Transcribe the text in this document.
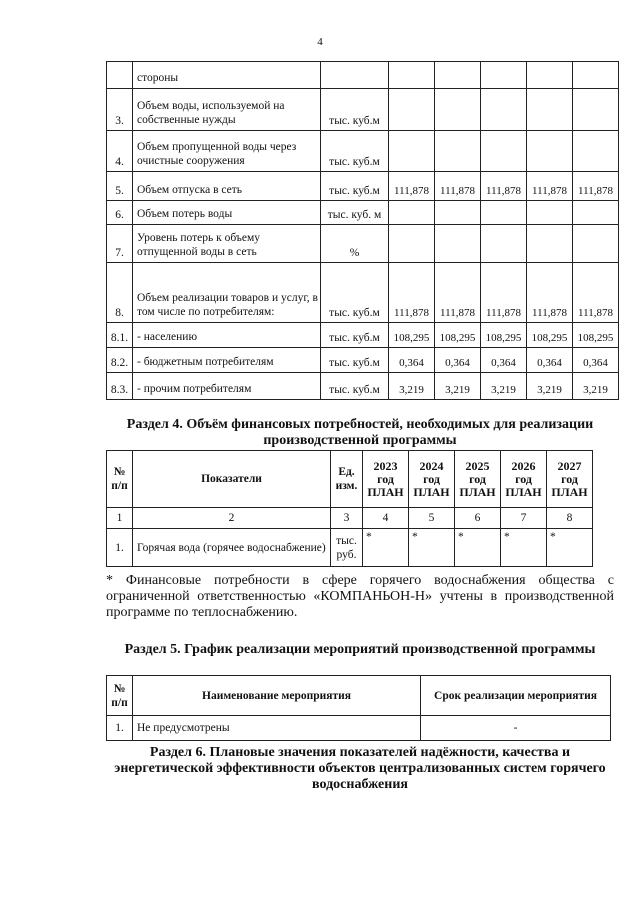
4
	стороны						
3.	Объем воды, используемой на собственные нужды	тыс. куб.м					
4.	Объем пропущенной воды через очистные сооружения	тыс. куб.м					
5.	Объем отпуска в сеть	тыс. куб.м	111,878	111,878	111,878	111,878	111,878
6.	Объем потерь воды	тыс. куб. м					
7.	Уровень потерь к объему отпущенной воды в сеть	%					
8.	Объем реализации товаров и услуг, в том числе по потребителям:	тыс. куб.м	111,878	111,878	111,878	111,878	111,878
8.1.	- населению	тыс. куб.м	108,295	108,295	108,295	108,295	108,295
8.2.	- бюджетным потребителям	тыс. куб.м	0,364	0,364	0,364	0,364	0,364
8.3.	- прочим потребителям	тыс. куб.м	3,219	3,219	3,219	3,219	3,219
Раздел 4. Объём финансовых потребностей, необходимых для реализации производственной программы
№ п/п	Показатели	Ед. изм.	2023 год ПЛАН	2024 год ПЛАН	2025 год ПЛАН	2026 год ПЛАН	2027 год ПЛАН
1	2	3	4	5	6	7	8
1.	Горячая вода (горячее водоснабжение)	тыс. руб.	*	*	*	*	*
* Финансовые потребности в сфере горячего водоснабжения общества с ограниченной ответственностью «КОМПАНЬОН-Н» учтены в производственной программе по теплоснабжению.
Раздел 5. График реализации мероприятий производственной программы
№ п/п	Наименование мероприятия	Срок реализации мероприятия
1.	Не предусмотрены	-
Раздел 6. Плановые значения показателей надёжности, качества и энергетической эффективности объектов централизованных систем горячего водоснабжения
